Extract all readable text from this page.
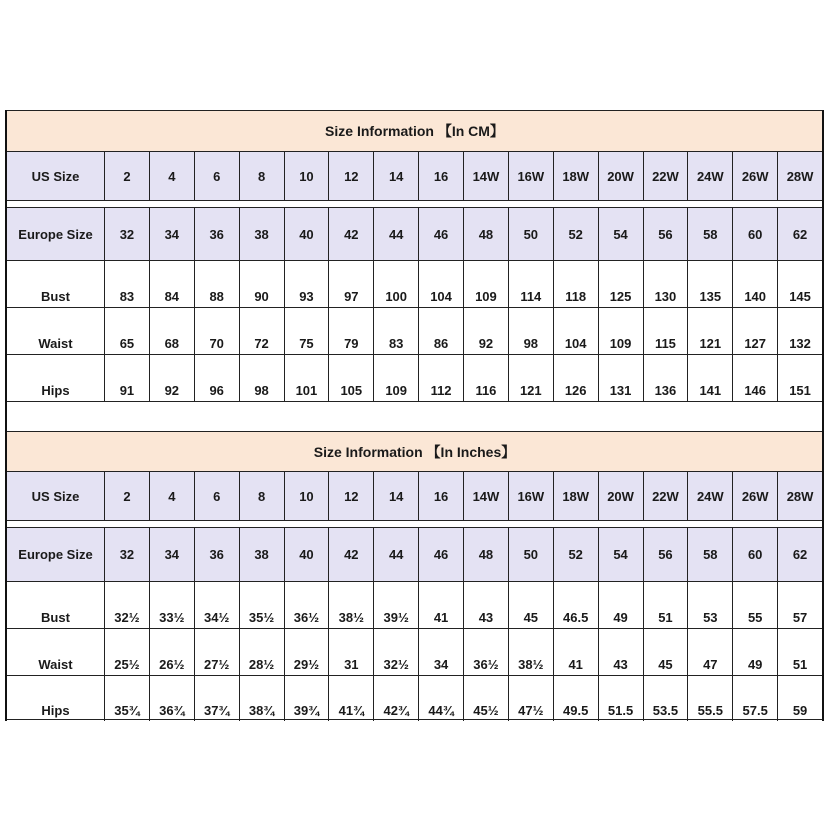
Size Information 【In CM】
US Size	2	4	6	8	10	12	14	16	14W	16W	18W	20W	22W	24W	26W	28W
Europe Size	32	34	36	38	40	42	44	46	48	50	52	54	56	58	60	62
Bust	83	84	88	90	93	97	100	104	109	114	118	125	130	135	140	145
Waist	65	68	70	72	75	79	83	86	92	98	104	109	115	121	127	132
Hips	91	92	96	98	101	105	109	112	116	121	126	131	136	141	146	151
Size Information 【In Inches】
US Size	2	4	6	8	10	12	14	16	14W	16W	18W	20W	22W	24W	26W	28W
Europe Size	32	34	36	38	40	42	44	46	48	50	52	54	56	58	60	62
Bust	32½	33½	34½	35½	36½	38½	39½	41	43	45	46.5	49	51	53	55	57
Waist	25½	26½	27½	28½	29½	31	32½	34	36½	38½	41	43	45	47	49	51
Hips	35¾	36¾	37¾	38¾	39¾	41¾	42¾	44¾	45½	47½	49.5	51.5	53.5	55.5	57.5	59
